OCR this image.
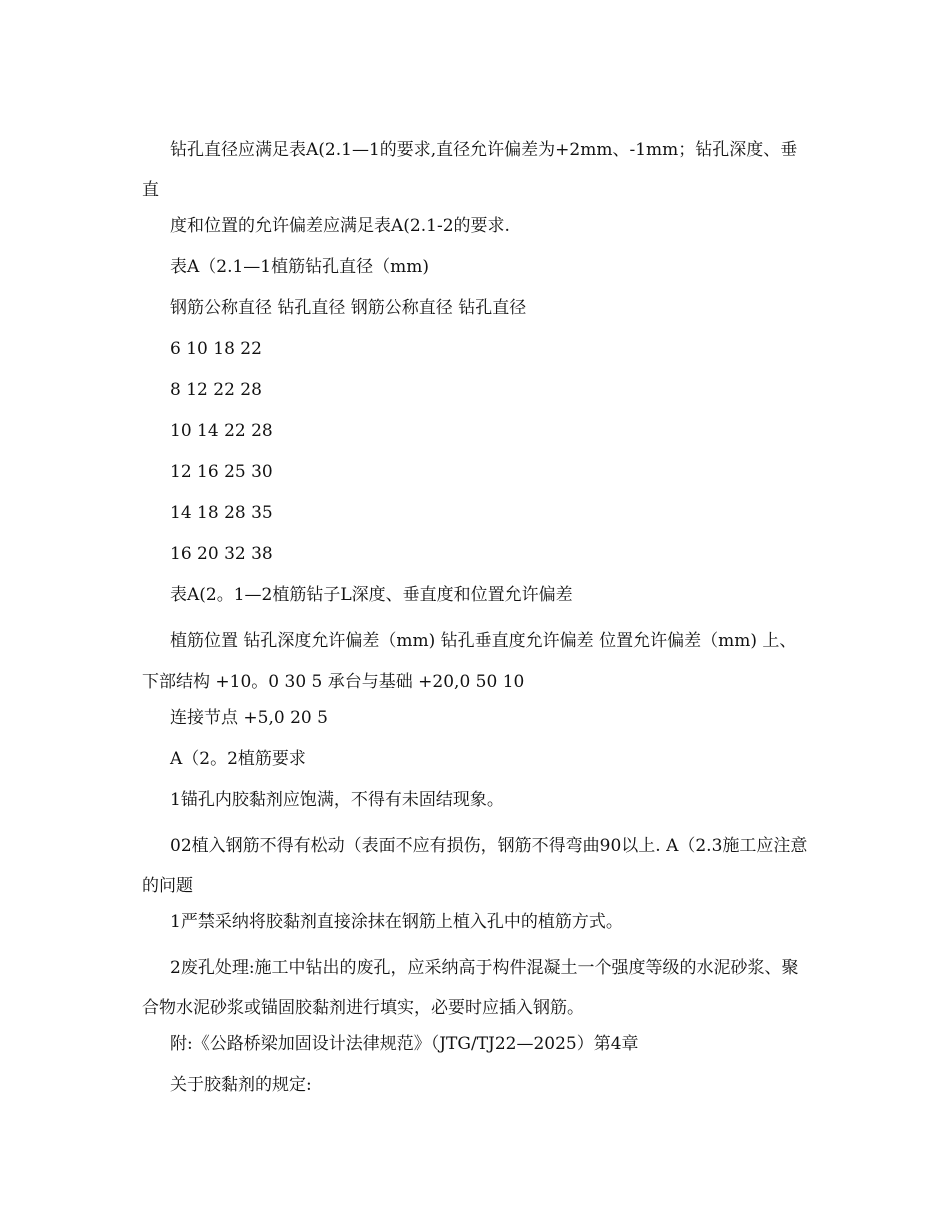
钻孔直径应满足表A(2.1—1的要求,直径允许偏差为+2mm、-1mm；钻孔深度、垂直

度和位置的允许偏差应满足表A(2.1-2的要求.

表A（2.1—1植筋钻孔直径（mm)

钢筋公称直径 钻孔直径 钢筋公称直径 钻孔直径

6 10 18 22

8 12 22 28

10 14 22 28

12 16 25 30

14 18 28 35

16 20 32 38

表A(2。1—2植筋钻子L深度、垂直度和位置允许偏差

植筋位置 钻孔深度允许偏差（mm) 钻孔垂直度允许偏差 位置允许偏差（mm) 上、下部结构 +10。0 30 5 承台与基础 +20,0 50 10

连接节点 +5,0 20 5

A（2。2植筋要求

1锚孔内胶黏剂应饱满，不得有未固结现象。

02植入钢筋不得有松动（表面不应有损伤，钢筋不得弯曲90以上. A（2.3施工应注意的问题

1严禁采纳将胶黏剂直接涂抹在钢筋上植入孔中的植筋方式。

2废孔处理:施工中钻出的废孔，应采纳高于构件混凝土一个强度等级的水泥砂浆、聚合物水泥砂浆或锚固胶黏剂进行填实，必要时应插入钢筋。

附:《公路桥梁加固设计法律规范》（JTG/TJ22—2025）第4章

关于胶黏剂的规定:
